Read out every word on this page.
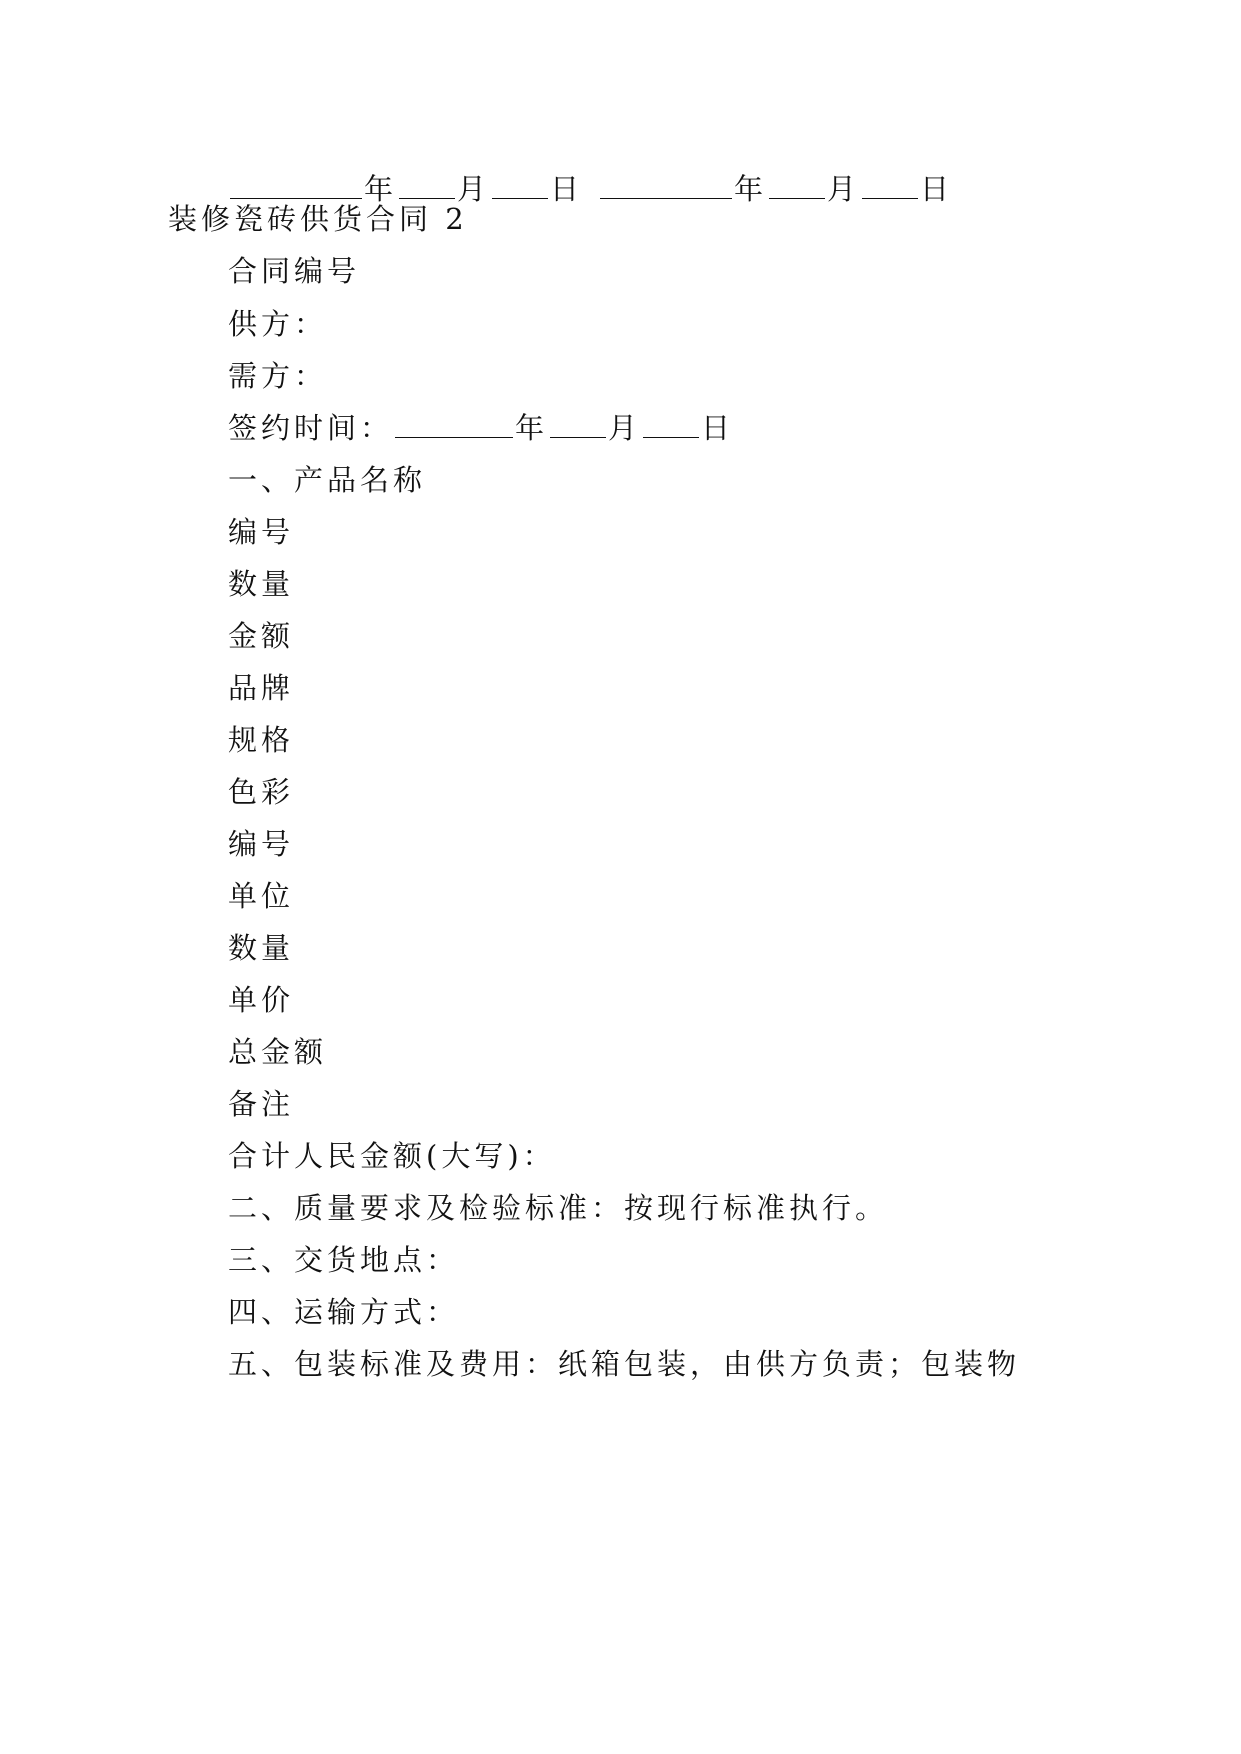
年 月 日	年 月 日
装修瓷砖供货合同 2
合同编号
供方：
需方：
签约时间：	年 月 日
一、产品名称
编号
数量
金额
品牌
规格
色彩
编号
单位
数量
单价
总金额
备注
合计人民金额(大写)：
二、质量要求及检验标准：按现行标准执行。
三、交货地点：
四、运输方式：
五、包装标准及费用：纸箱包装，由供方负责；包装物
